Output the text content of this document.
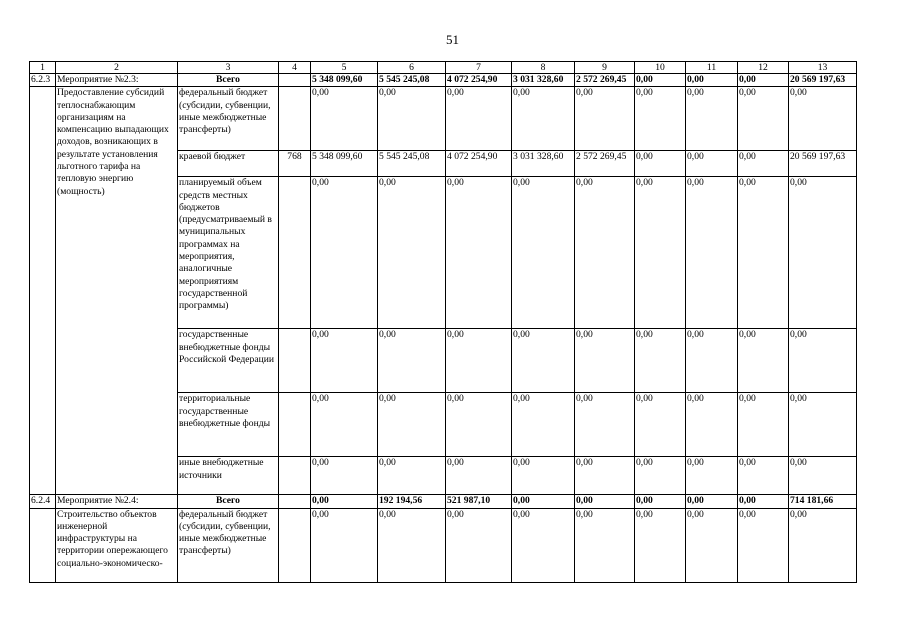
51
1	2	3	4	5	6	7	8	9	10	11	12	13
6.2.3	Мероприятие №2.3:	Всего		5 348 099,60	5 545 245,08	4 072 254,90	3 031 328,60	2 572 269,45	0,00	0,00	0,00	20 569 197,63
	Предоставление субсидий теплоснабжающим организациям на компенсацию выпадающих доходов, возникающих в результате установления льготного тарифа на тепловую энергию (мощность)	федеральный бюджет (субсидии, субвенции, иные межбюджетные трансферты)		0,00	0,00	0,00	0,00	0,00	0,00	0,00	0,00	0,00
		краевой бюджет	768	5 348 099,60	5 545 245,08	4 072 254,90	3 031 328,60	2 572 269,45	0,00	0,00	0,00	20 569 197,63
		планируемый объем средств местных бюджетов (предусматриваемый в муниципальных программах на мероприятия, аналогичные мероприятиям государственной программы)		0,00	0,00	0,00	0,00	0,00	0,00	0,00	0,00	0,00
		государственные внебюджетные фонды Российской Федерации		0,00	0,00	0,00	0,00	0,00	0,00	0,00	0,00	0,00
		территориальные государственные внебюджетные фонды		0,00	0,00	0,00	0,00	0,00	0,00	0,00	0,00	0,00
		иные внебюджетные источники		0,00	0,00	0,00	0,00	0,00	0,00	0,00	0,00	0,00
6.2.4	Мероприятие №2.4:	Всего		0,00	192 194,56	521 987,10	0,00	0,00	0,00	0,00	0,00	714 181,66
	Строительство объектов инженерной инфраструктуры на территории опережающего социально-экономическо-	федеральный бюджет (субсидии, субвенции, иные межбюджетные трансферты)		0,00	0,00	0,00	0,00	0,00	0,00	0,00	0,00	0,00
